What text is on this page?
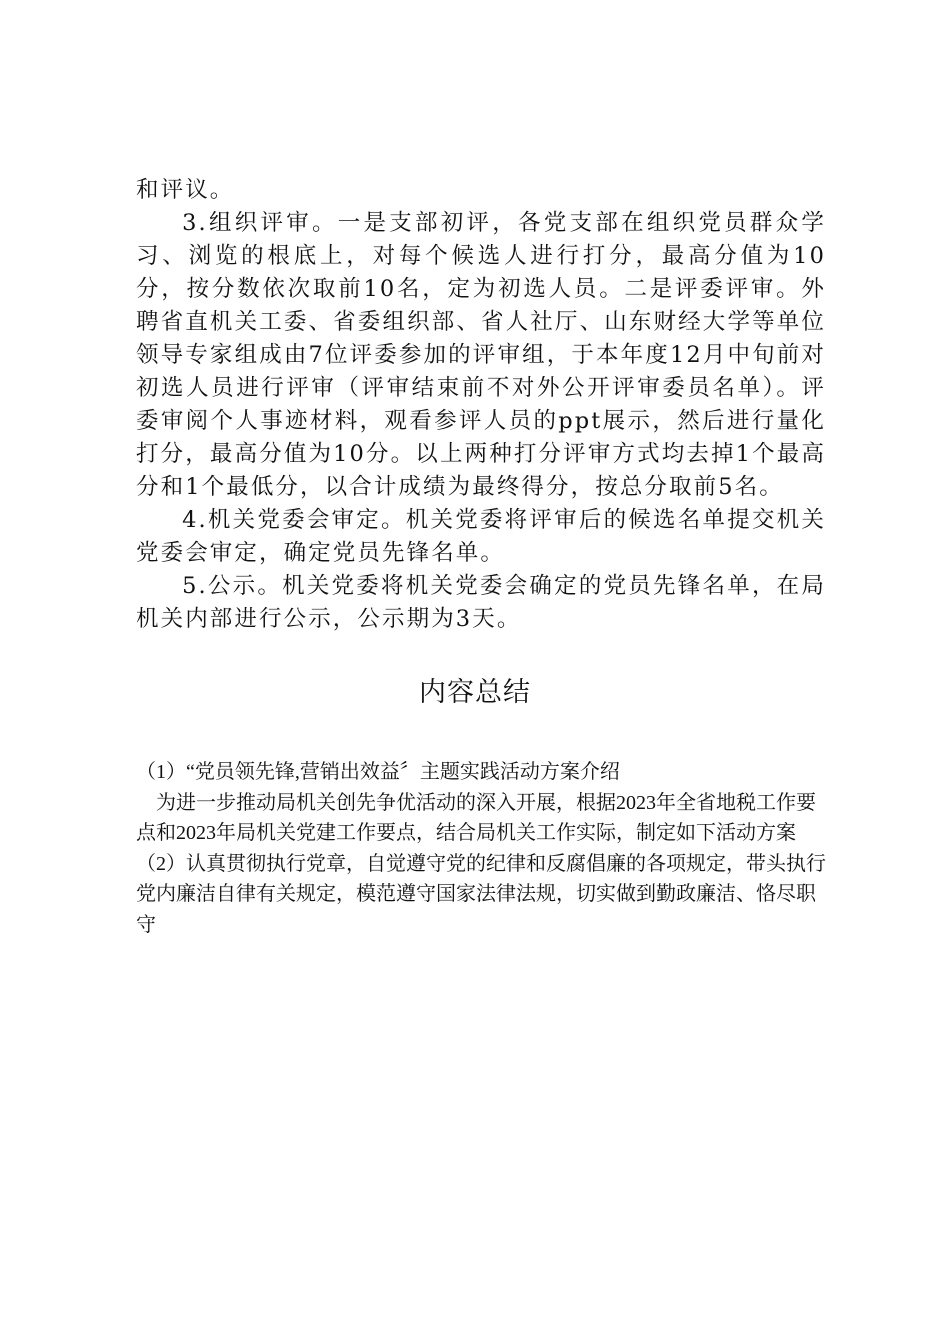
和评议。

3.组织评审。一是支部初评，各党支部在组织党员群众学习、浏览的根底上，对每个候选人进行打分，最高分值为10分，按分数依次取前10名，定为初选人员。二是评委评审。外聘省直机关工委、省委组织部、省人社厅、山东财经大学等单位领导专家组成由7位评委参加的评审组，于本年度12月中旬前对初选人员进行评审（评审结束前不对外公开评审委员名单）。评委审阅个人事迹材料，观看参评人员的ppt展示，然后进行量化打分，最高分值为10分。以上两种打分评审方式均去掉1个最高分和1个最低分，以合计成绩为最终得分，按总分取前5名。

4.机关党委会审定。机关党委将评审后的候选名单提交机关党委会审定，确定党员先锋名单。

5.公示。机关党委将机关党委会确定的党员先锋名单，在局机关内部进行公示，公示期为3天。

内容总结

（1）“党员领先锋,营销出效益〞主题实践活动方案介绍

为进一步推动局机关创先争优活动的深入开展，根据2023年全省地税工作要点和2023年局机关党建工作要点，结合局机关工作实际，制定如下活动方案

（2）认真贯彻执行党章，自觉遵守党的纪律和反腐倡廉的各项规定，带头执行党内廉洁自律有关规定，模范遵守国家法律法规，切实做到勤政廉洁、恪尽职守
